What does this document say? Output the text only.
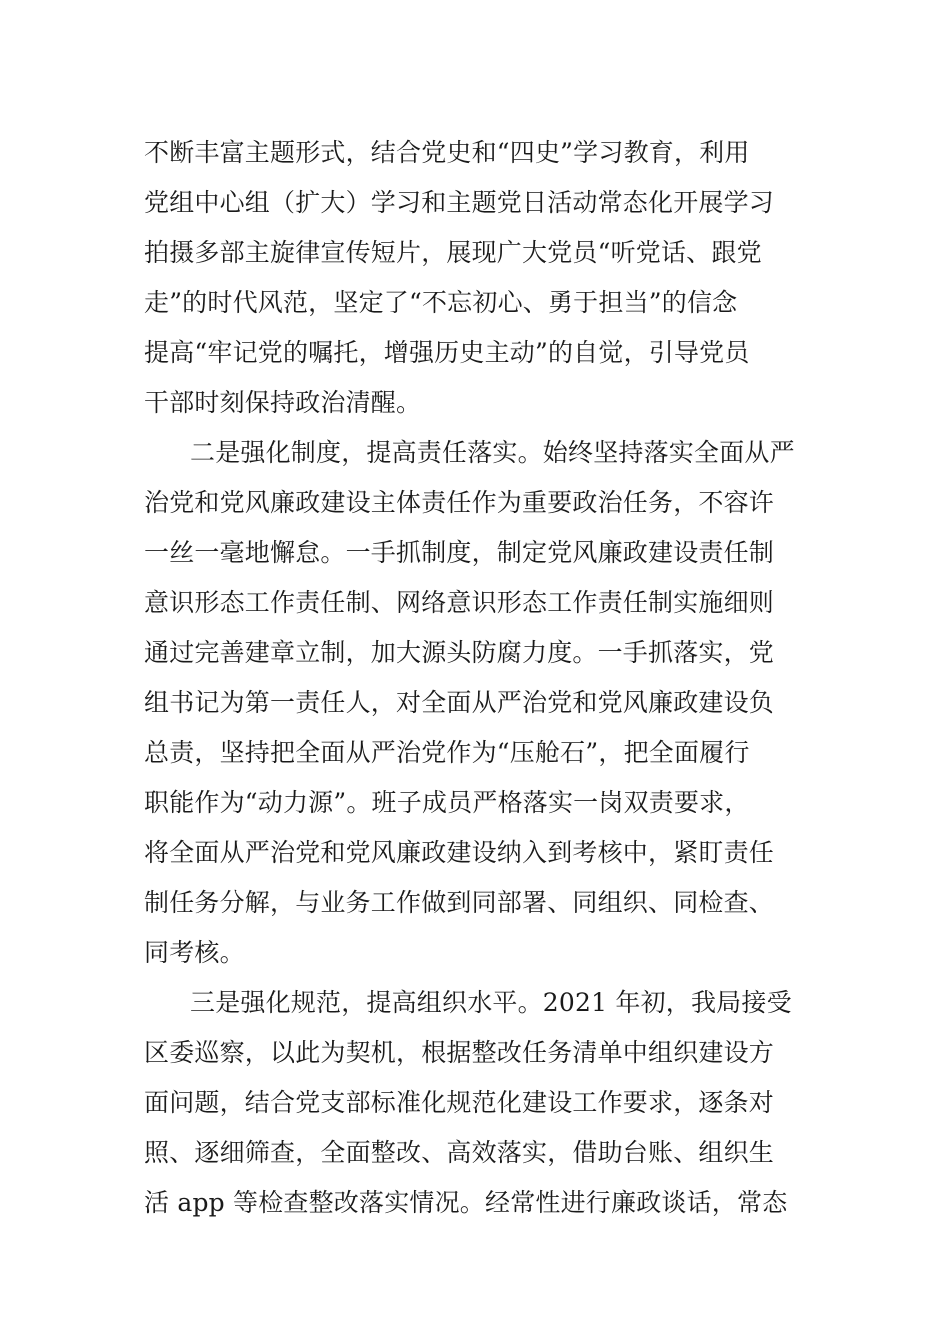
不断丰富主题形式，结合党史和“四史”学习教育，利用
党组中心组（扩大）学习和主题党日活动常态化开展学习
拍摄多部主旋律宣传短片，展现广大党员“听党话、跟党
走”的时代风范，坚定了“不忘初心、勇于担当”的信念
提高“牢记党的嘱托，增强历史主动”的自觉，引导党员
干部时刻保持政治清醒。
二是强化制度，提高责任落实。始终坚持落实全面从严
治党和党风廉政建设主体责任作为重要政治任务，不容许
一丝一毫地懈怠。一手抓制度，制定党风廉政建设责任制
意识形态工作责任制、网络意识形态工作责任制实施细则
通过完善建章立制，加大源头防腐力度。一手抓落实，党
组书记为第一责任人，对全面从严治党和党风廉政建设负
总责，坚持把全面从严治党作为“压舱石”，把全面履行
职能作为“动力源”。班子成员严格落实一岗双责要求，
将全面从严治党和党风廉政建设纳入到考核中，紧盯责任
制任务分解，与业务工作做到同部署、同组织、同检查、
同考核。
三是强化规范，提高组织水平。2021 年初，我局接受
区委巡察，以此为契机，根据整改任务清单中组织建设方
面问题，结合党支部标准化规范化建设工作要求，逐条对
照、逐细筛查，全面整改、高效落实，借助台账、组织生
活 app 等检查整改落实情况。经常性进行廉政谈话，常态
